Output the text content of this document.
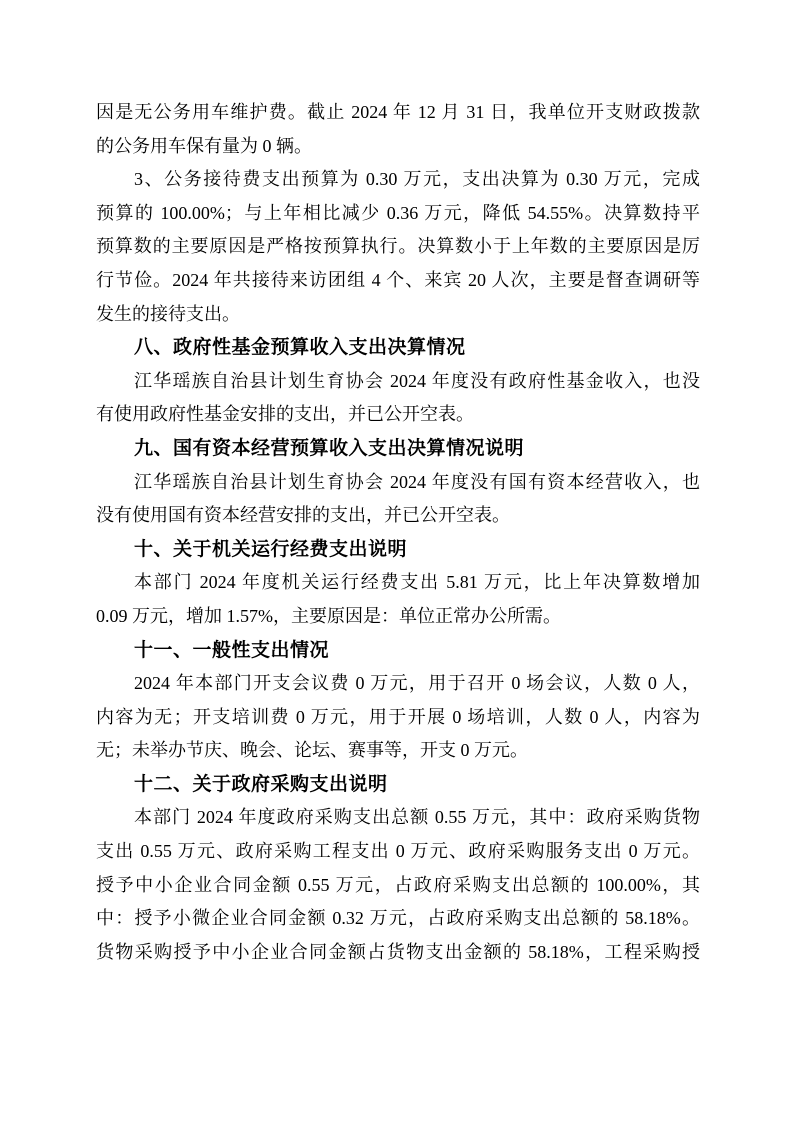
因是无公务用车维护费。截止 2024 年 12 月 31 日，我单位开支财政拨款
的公务用车保有量为 0 辆。
3、公务接待费支出预算为 0.30 万元，支出决算为 0.30 万元，完成
预算的 100.00%；与上年相比减少 0.36 万元，降低 54.55%。决算数持平
预算数的主要原因是严格按预算执行。决算数小于上年数的主要原因是厉
行节俭。2024 年共接待来访团组 4 个、来宾 20 人次，主要是督查调研等
发生的接待支出。
八、政府性基金预算收入支出决算情况
江华瑶族自治县计划生育协会 2024 年度没有政府性基金收入，也没
有使用政府性基金安排的支出，并已公开空表。
九、国有资本经营预算收入支出决算情况说明
江华瑶族自治县计划生育协会 2024 年度没有国有资本经营收入，也
没有使用国有资本经营安排的支出，并已公开空表。
十、关于机关运行经费支出说明
本部门 2024 年度机关运行经费支出 5.81 万元，比上年决算数增加
0.09 万元，增加 1.57%，主要原因是：单位正常办公所需。
十一、一般性支出情况
2024 年本部门开支会议费 0 万元，用于召开 0 场会议，人数 0 人，
内容为无；开支培训费 0 万元，用于开展 0 场培训，人数 0 人，内容为
无；未举办节庆、晚会、论坛、赛事等，开支 0 万元。
十二、关于政府采购支出说明
本部门 2024 年度政府采购支出总额 0.55 万元，其中：政府采购货物
支出 0.55 万元、政府采购工程支出 0 万元、政府采购服务支出 0 万元。
授予中小企业合同金额 0.55 万元，占政府采购支出总额的 100.00%，其
中：授予小微企业合同金额 0.32 万元，占政府采购支出总额的 58.18%。
货物采购授予中小企业合同金额占货物支出金额的 58.18%，工程采购授
